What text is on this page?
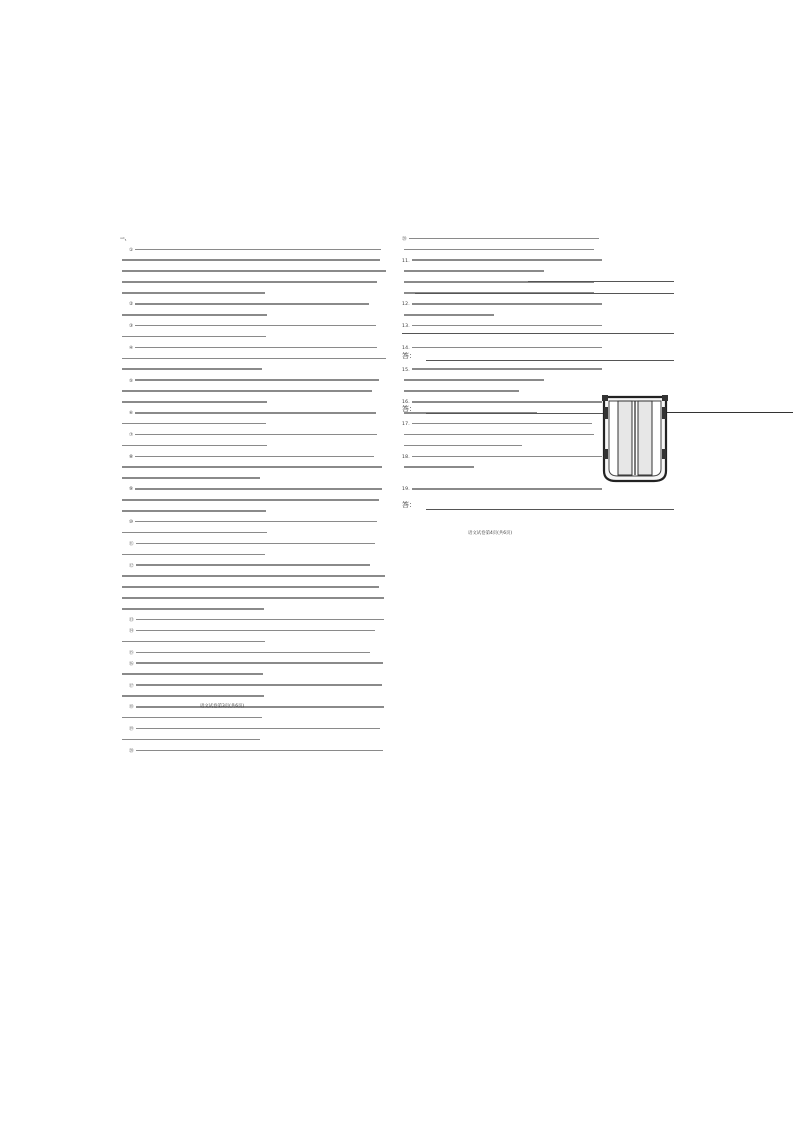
一、
①
②
③
④
⑤
⑥
⑦
⑧
⑨
⑩
⑪
⑫
⑬
⑭
⑮
⑯
⑰
⑱
⑲
⑳
语文试卷第3页(共6页)
⑳
11.
12.
13.
14.
15.
16.
17.
18.
19.
语文试卷第4页(共6页)
答：
答：
答：
